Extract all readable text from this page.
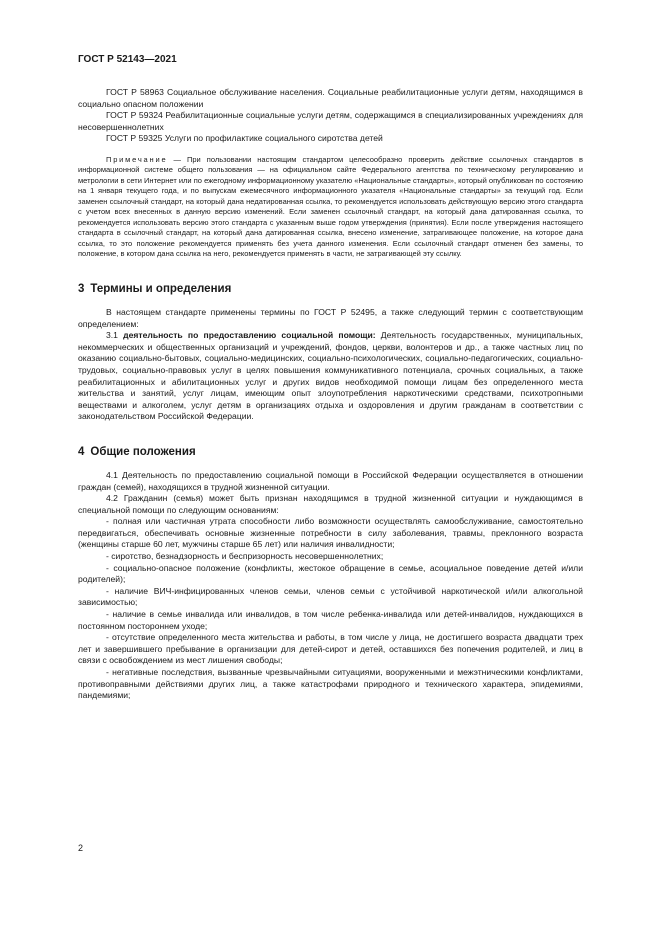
ГОСТ Р 52143—2021

ГОСТ Р 58963 Социальное обслуживание населения. Социальные реабилитационные услуги детям, находящимся в социально опасном положении

ГОСТ Р 59324 Реабилитационные социальные услуги детям, содержащимся в специализированных учреждениях для несовершеннолетних

ГОСТ Р 59325 Услуги по профилактике социального сиротства детей

Примечание — При пользовании настоящим стандартом целесообразно проверить действие ссылочных стандартов в информационной системе общего пользования — на официальном сайте Федерального агентства по техническому регулированию и метрологии в сети Интернет или по ежегодному информационному указателю «Национальные стандарты», который опубликован по состоянию на 1 января текущего года, и по выпускам ежемесячного информационного указателя «Национальные стандарты» за текущий год. Если заменен ссылочный стандарт, на который дана недатированная ссылка, то рекомендуется использовать действующую версию этого стандарта с учетом всех внесенных в данную версию изменений. Если заменен ссылочный стандарт, на который дана датированная ссылка, то рекомендуется использовать версию этого стандарта с указанным выше годом утверждения (принятия). Если после утверждения настоящего стандарта в ссылочный стандарт, на который дана датированная ссылка, внесено изменение, затрагивающее положение, на которое дана ссылка, то это положение рекомендуется применять без учета данного изменения. Если ссылочный стандарт отменен без замены, то положение, в котором дана ссылка на него, рекомендуется применять в части, не затрагивающей эту ссылку.

3 Термины и определения

В настоящем стандарте применены термины по ГОСТ Р 52495, а также следующий термин с соответствующим определением:

3.1 деятельность по предоставлению социальной помощи: Деятельность государственных, муниципальных, некоммерческих и общественных организаций и учреждений, фондов, церкви, волонтеров и др., а также частных лиц по оказанию социально-бытовых, социально-медицинских, социально-психологических, социально-педагогических, социально-трудовых, социально-правовых услуг в целях повышения коммуникативного потенциала, срочных социальных, а также реабилитационных и абилитационных услуг и других видов необходимой помощи лицам без определенного места жительства и занятий, услуг лицам, имеющим опыт злоупотребления наркотическими средствами, психотропными веществами и алкоголем, услуг детям в организациях отдыха и оздоровления и другим гражданам в соответствии с законодательством Российской Федерации.

4 Общие положения

4.1 Деятельность по предоставлению социальной помощи в Российской Федерации осуществляется в отношении граждан (семей), находящихся в трудной жизненной ситуации.

4.2 Гражданин (семья) может быть признан находящимся в трудной жизненной ситуации и нуждающимся в специальной помощи по следующим основаниям:

- полная или частичная утрата способности либо возможности осуществлять самообслуживание, самостоятельно передвигаться, обеспечивать основные жизненные потребности в силу заболевания, травмы, преклонного возраста (женщины старше 60 лет, мужчины старше 65 лет) или наличия инвалидности;

- сиротство, безнадзорность и беспризорность несовершеннолетних;

- социально-опасное положение (конфликты, жестокое обращение в семье, асоциальное поведение детей и/или родителей);

- наличие ВИЧ-инфицированных членов семьи, членов семьи с устойчивой наркотической и/или алкогольной зависимостью;

- наличие в семье инвалида или инвалидов, в том числе ребенка-инвалида или детей-инвалидов, нуждающихся в постоянном постороннем уходе;

- отсутствие определенного места жительства и работы, в том числе у лица, не достигшего возраста двадцати трех лет и завершившего пребывание в организации для детей-сирот и детей, оставшихся без попечения родителей, и лиц в связи с освобождением из мест лишения свободы;

- негативные последствия, вызванные чрезвычайными ситуациями, вооруженными и межэтническими конфликтами, противоправными действиями других лиц, а также катастрофами природного и технического характера, эпидемиями, пандемиями;

2
